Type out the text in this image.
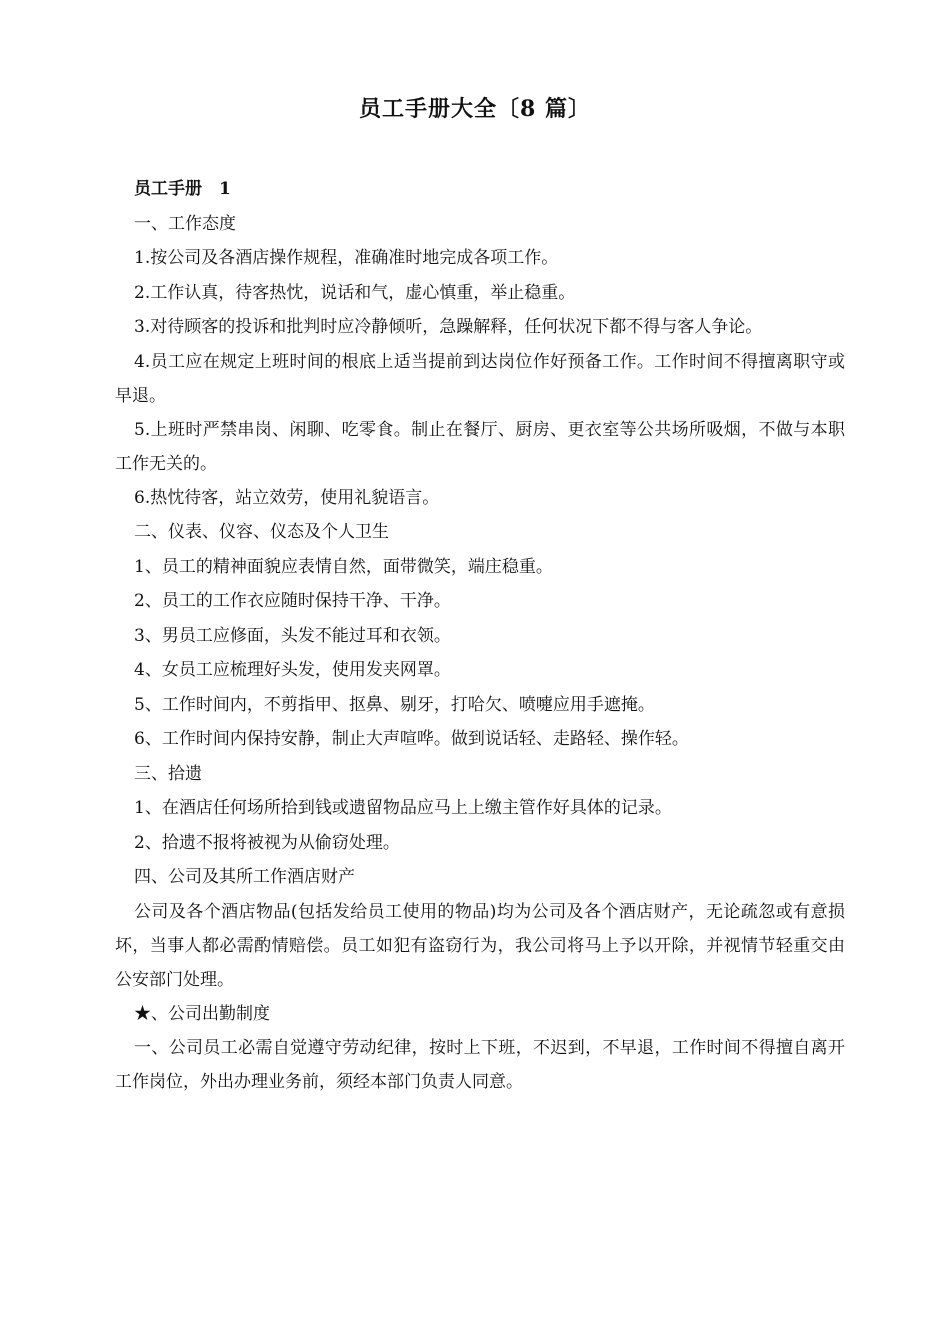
员工手册大全〔8 篇〕
员工手册　1
一、工作态度
1.按公司及各酒店操作规程，准确准时地完成各项工作。
2.工作认真，待客热忱，说话和气，虚心慎重，举止稳重。
3.对待顾客的投诉和批判时应冷静倾听，急躁解释，任何状况下都不得与客人争论。
4.员工应在规定上班时间的根底上适当提前到达岗位作好预备工作。工作时间不得擅离职守或早退。
5.上班时严禁串岗、闲聊、吃零食。制止在餐厅、厨房、更衣室等公共场所吸烟，不做与本职工作无关的。
6.热忱待客，站立效劳，使用礼貌语言。
二、仪表、仪容、仪态及个人卫生
1、员工的精神面貌应表情自然，面带微笑，端庄稳重。
2、员工的工作衣应随时保持干净、干净。
3、男员工应修面，头发不能过耳和衣领。
4、女员工应梳理好头发，使用发夹网罩。
5、工作时间内，不剪指甲、抠鼻、剔牙，打哈欠、喷嚏应用手遮掩。
6、工作时间内保持安静，制止大声喧哗。做到说话轻、走路轻、操作轻。
三、拾遗
1、在酒店任何场所拾到钱或遗留物品应马上上缴主管作好具体的记录。
2、拾遗不报将被视为从偷窃处理。
四、公司及其所工作酒店财产
公司及各个酒店物品(包括发给员工使用的物品)均为公司及各个酒店财产，无论疏忽或有意损坏，当事人都必需酌情赔偿。员工如犯有盗窃行为，我公司将马上予以开除，并视情节轻重交由公安部门处理。
★、公司出勤制度
一、公司员工必需自觉遵守劳动纪律，按时上下班，不迟到，不早退，工作时间不得擅自离开工作岗位，外出办理业务前，须经本部门负责人同意。
